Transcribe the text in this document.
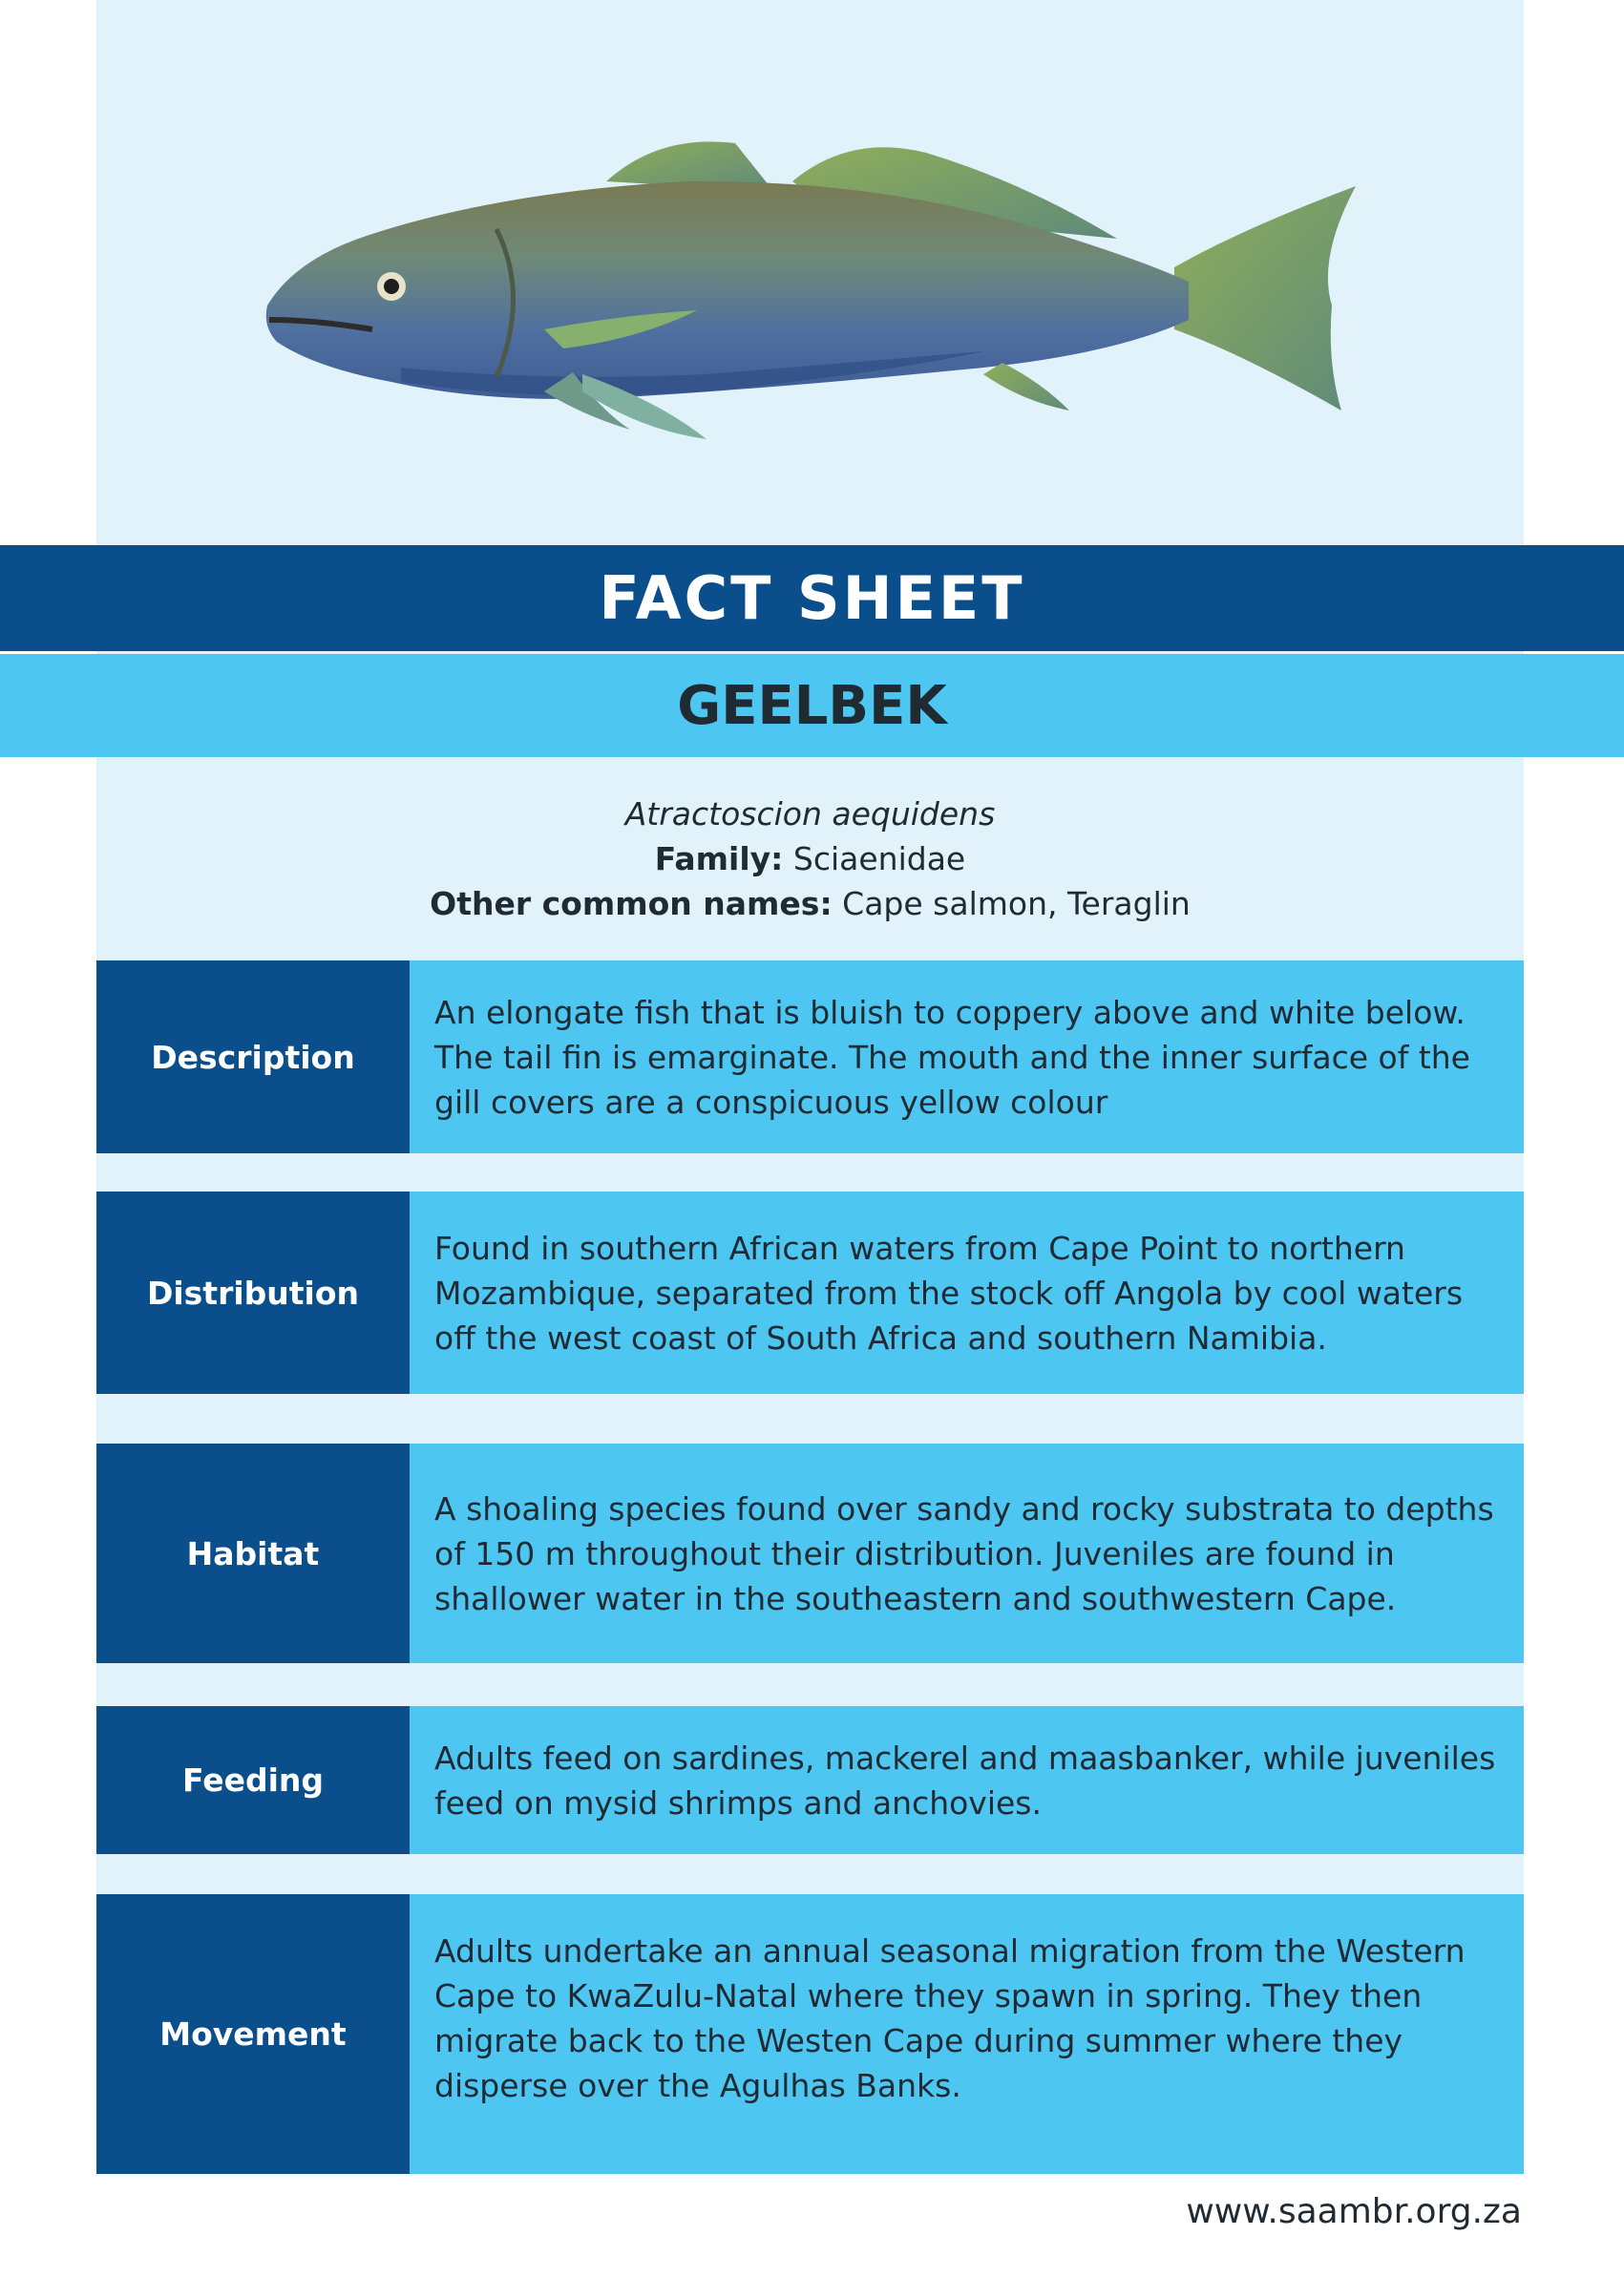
FACT SHEET
GEELBEK
Atractoscion aequidens
Family: Sciaenidae
Other common names: Cape salmon, Teraglin
Description
An elongate fish that is bluish to coppery above and white below. The tail fin is emarginate. The mouth and the inner surface of the gill covers are a conspicuous yellow colour
Distribution
Found in southern African waters from Cape Point to northern Mozambique, separated from the stock off Angola by cool waters off the west coast of South Africa and southern Namibia.
Habitat
A shoaling species found over sandy and rocky substrata to depths of 150 m throughout their distribution. Juveniles are found in shallower water in the southeastern and southwestern Cape.
Feeding
Adults feed on sardines, mackerel and maasbanker, while juveniles feed on mysid shrimps and anchovies.
Movement
Adults undertake an annual seasonal migration from the Western Cape to KwaZulu-Natal where they spawn in spring. They then migrate back to the Westen Cape during summer where they disperse over the Agulhas Banks.
www.saambr.org.za
